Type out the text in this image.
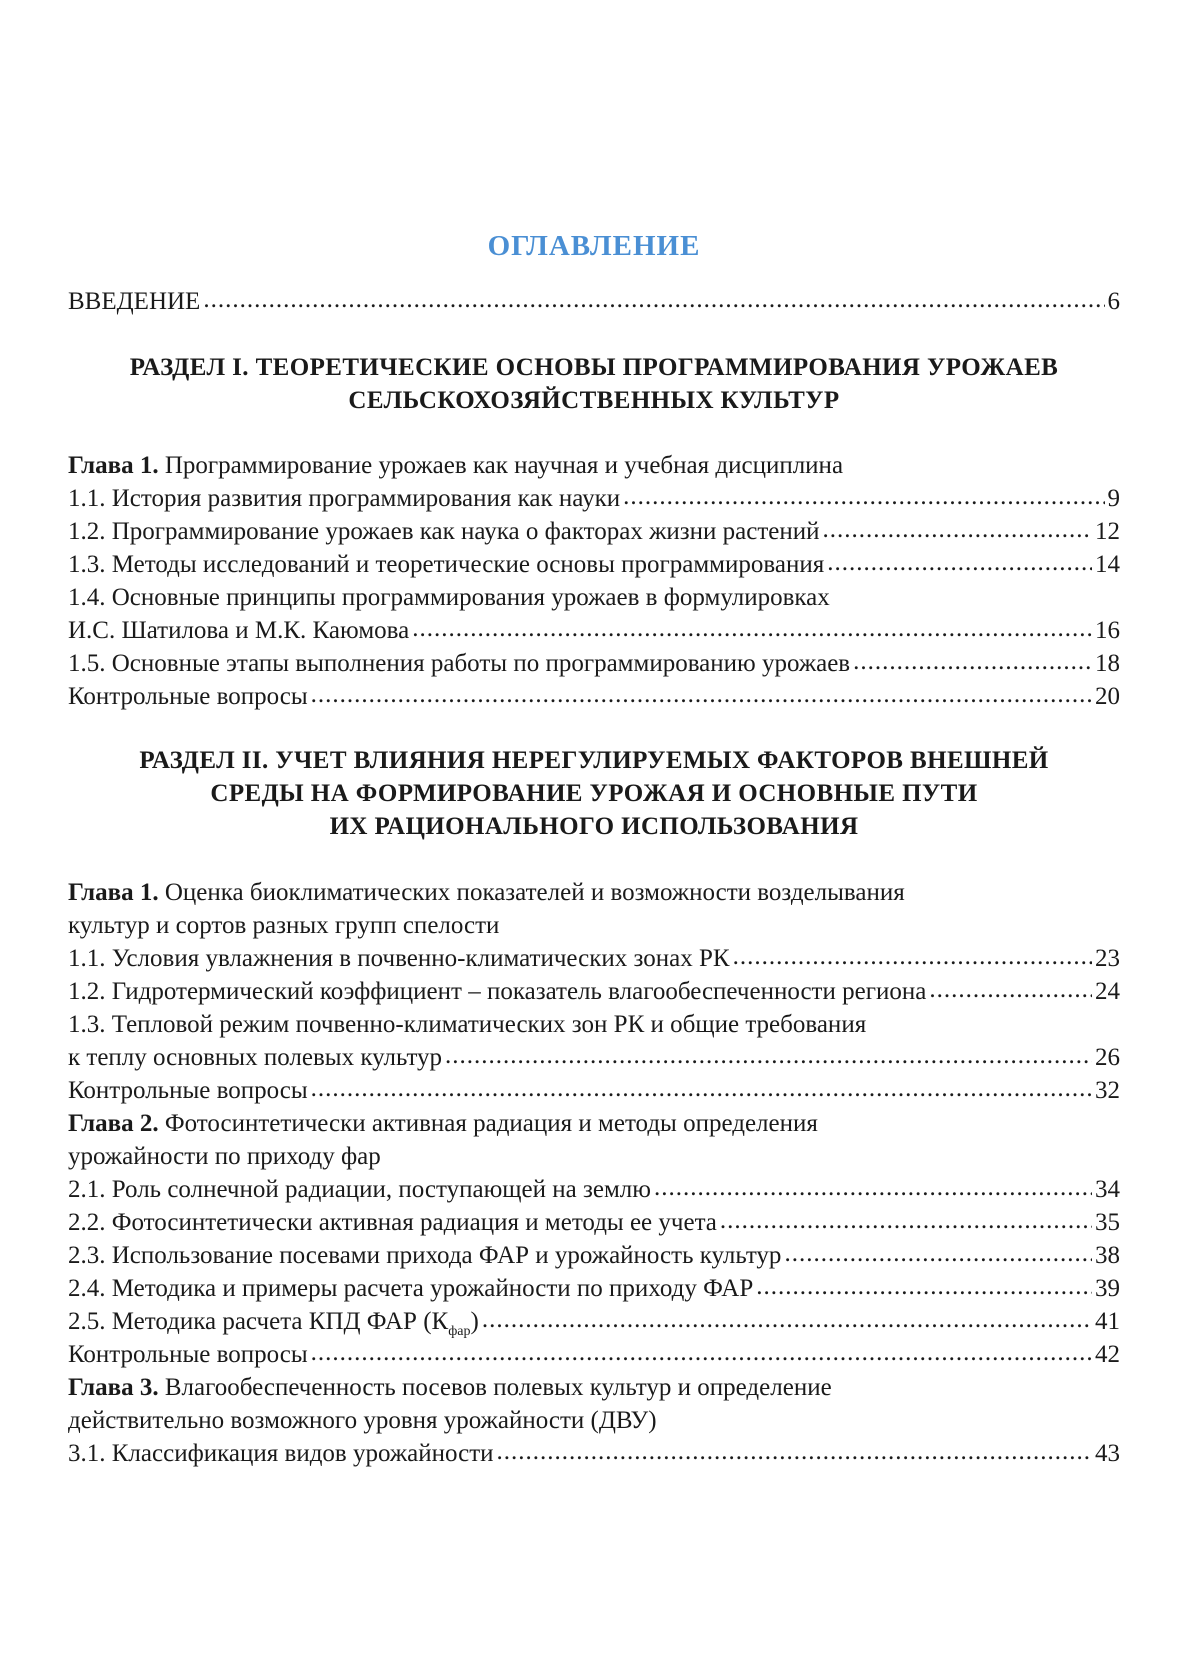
ОГЛАВЛЕНИЕ
ВВЕДЕНИЕ .....	6
РАЗДЕЛ I. ТЕОРЕТИЧЕСКИЕ ОСНОВЫ ПРОГРАММИРОВАНИЯ УРОЖАЕВ
СЕЛЬСКОХОЗЯЙСТВЕННЫХ КУЛЬТУР
Глава 1. Программирование урожаев как научная и учебная дисциплина
1.1. История развития программирования как науки .....	9
1.2. Программирование урожаев как наука о факторах жизни растений .....	12
1.3. Методы исследований и теоретические основы программирования .....	14
1.4. Основные принципы программирования урожаев в формулировках
И.С. Шатилова и М.К. Каюмова .....	16
1.5. Основные этапы выполнения работы по программированию урожаев .....	18
Контрольные вопросы .....	20
РАЗДЕЛ II. УЧЕТ ВЛИЯНИЯ НЕРЕГУЛИРУЕМЫХ ФАКТОРОВ ВНЕШНЕЙ
СРЕДЫ НА ФОРМИРОВАНИЕ УРОЖАЯ И ОСНОВНЫЕ ПУТИ
ИХ РАЦИОНАЛЬНОГО ИСПОЛЬЗОВАНИЯ
Глава 1. Оценка биоклиматических показателей и возможности возделывания
культур и сортов разных групп спелости
1.1. Условия увлажнения в почвенно-климатических зонах РК .....	23
1.2. Гидротермический коэффициент – показатель влагообеспеченности региона .....	24
1.3. Тепловой режим почвенно-климатических зон РК и общие требования
к теплу основных полевых культур .....	26
Контрольные вопросы .....	32
Глава 2. Фотосинтетически активная радиация и методы определения
урожайности по приходу фар
2.1. Роль солнечной радиации, поступающей на землю .....	34
2.2. Фотосинтетически активная радиация и методы ее учета .....	35
2.3. Использование посевами прихода ФАР и урожайность культур .....	38
2.4. Методика и примеры расчета урожайности по приходу ФАР .....	39
2.5. Методика расчета КПД ФАР $(К_{фар})$ .....	41
Контрольные вопросы .....	42
Глава 3. Влагообеспеченность посевов полевых культур и определение
действительно возможного уровня урожайности (ДВУ)
3.1. Классификация видов урожайности .....	43
